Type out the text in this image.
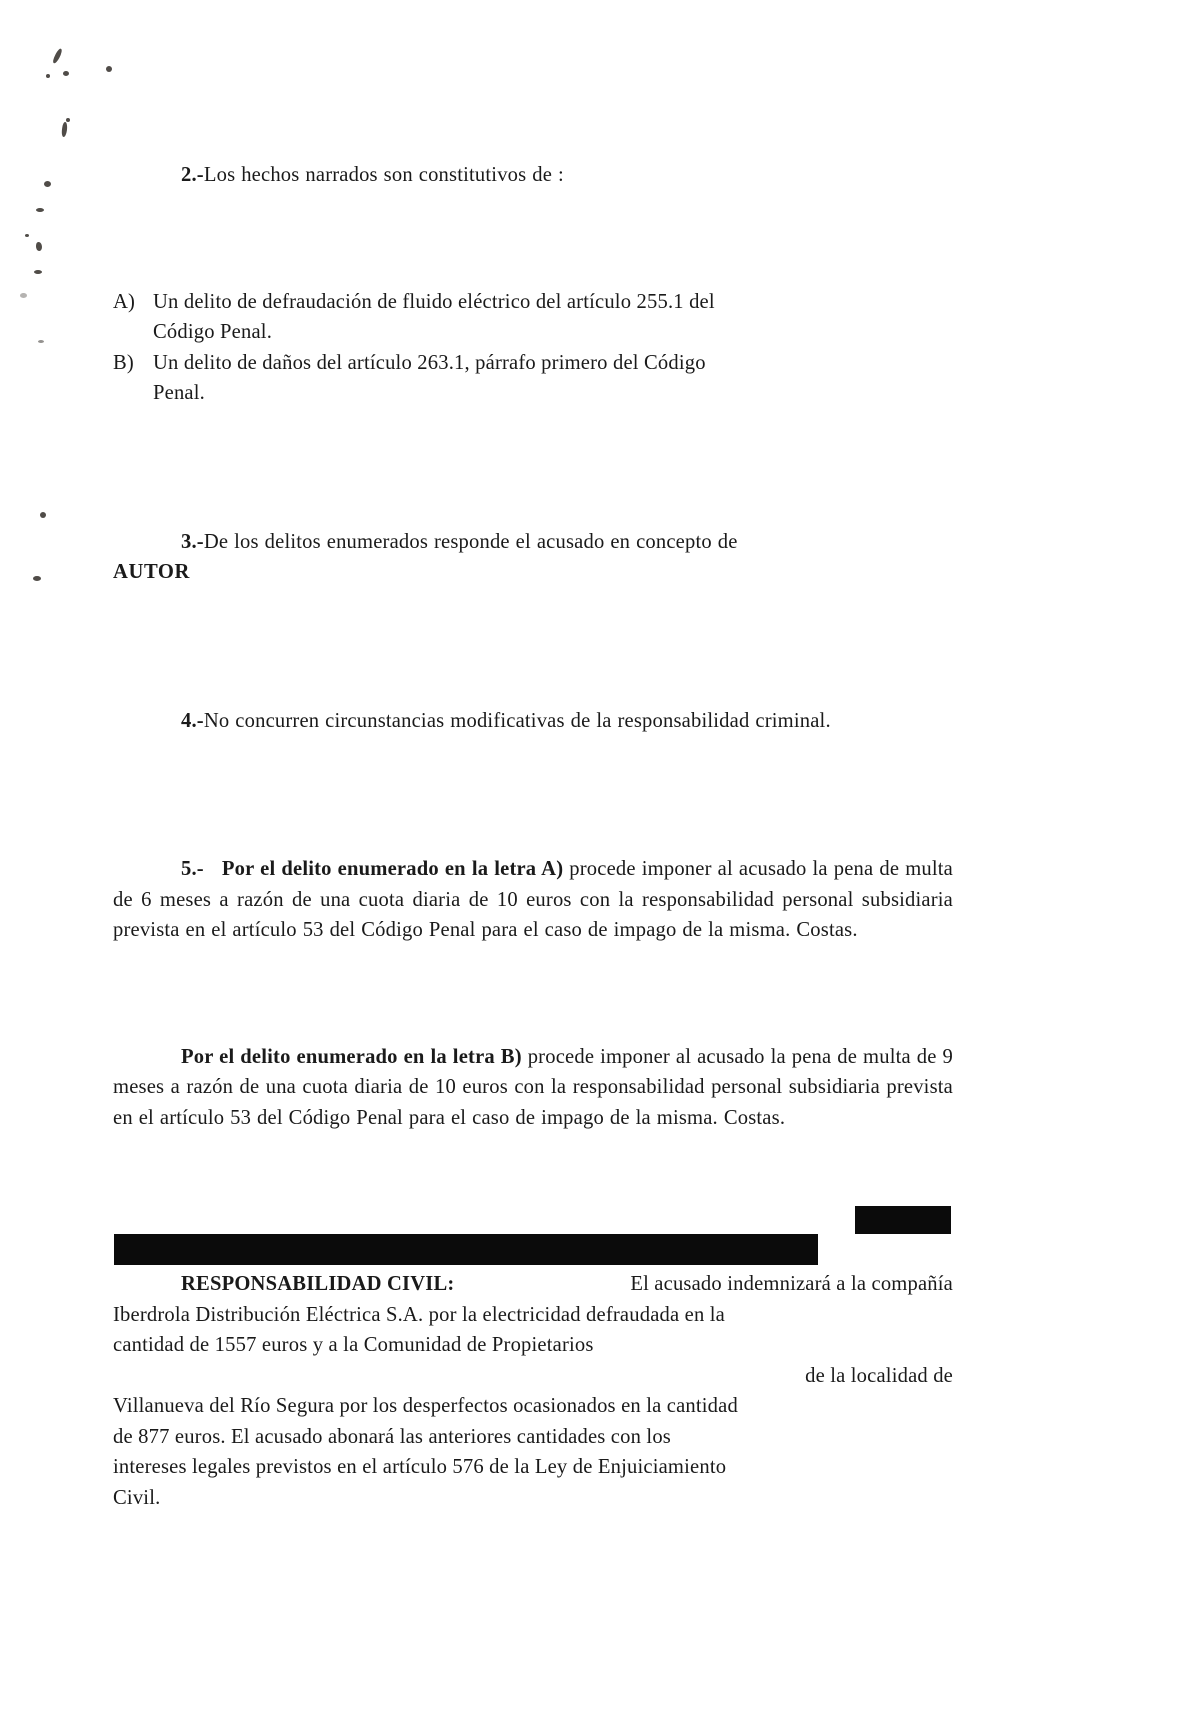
2.-Los hechos narrados son constitutivos de :

A) Un delito de defraudación de fluido eléctrico del artículo 255.1 del
Código Penal.
B) Un delito de daños del artículo 263.1, párrafo primero del Código
Penal.

3.-De los delitos enumerados responde el acusado en concepto de

AUTOR

4.-No concurren circunstancias modificativas de la responsabilidad criminal.

5.- Por el delito enumerado en la letra A) procede imponer al acusado la pena de multa de 6 meses a razón de una cuota diaria de 10 euros con la responsabilidad personal subsidiaria prevista en el artículo 53 del Código Penal para el caso de impago de la misma. Costas.

Por el delito enumerado en la letra B) procede imponer al acusado la pena de multa de 9 meses a razón de una cuota diaria de 10 euros con la responsabilidad personal subsidiaria prevista en el artículo 53 del Código Penal para el caso de impago de la misma. Costas.

RESPONSABILIDAD CIVIL:	El acusado indemnizará a la compañía
Iberdrola Distribución Eléctrica S.A. por la electricidad defraudada en la
cantidad de 1557 euros y a la Comunidad de Propietarios
de la localidad de
Villanueva del Río Segura por los desperfectos ocasionados en la cantidad
de 877 euros. El acusado abonará las anteriores cantidades con los
intereses legales previstos en el artículo 576 de la Ley de Enjuiciamiento
Civil.
